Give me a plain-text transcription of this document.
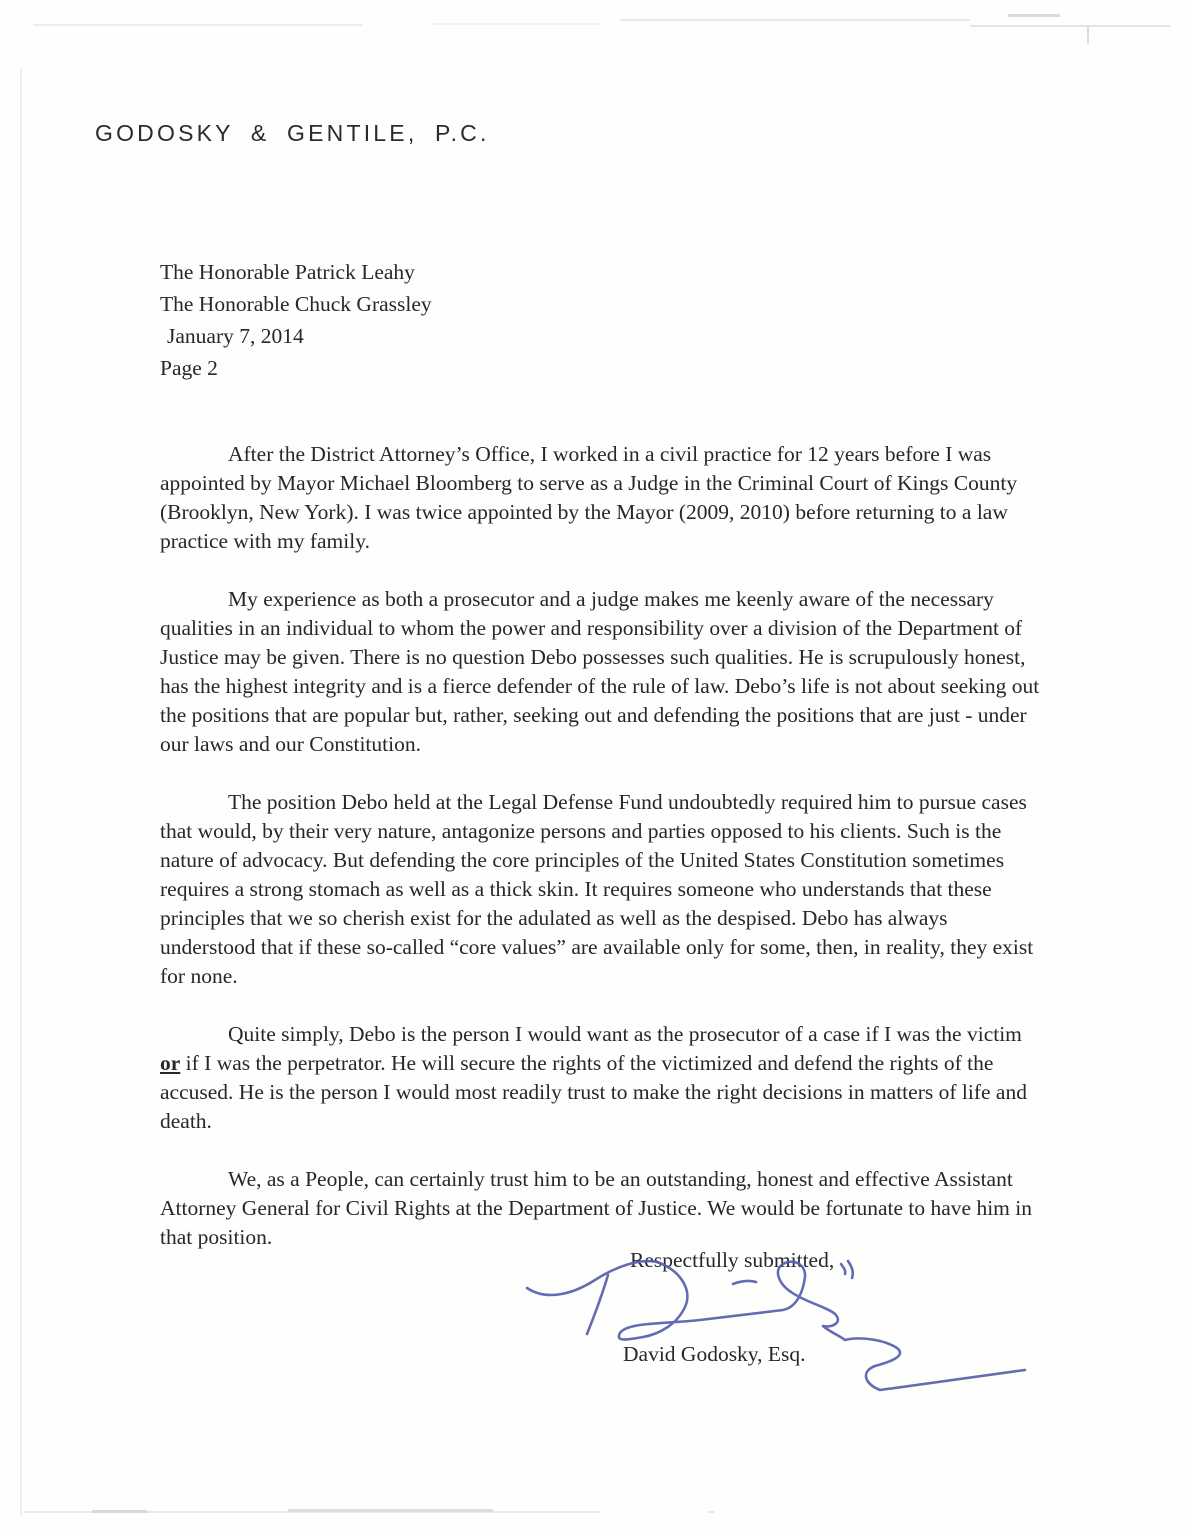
GODOSKY & GENTILE, P.C.
The Honorable Patrick Leahy
The Honorable Chuck Grassley
January 7, 2014
Page 2

After the District Attorney’s Office, I worked in a civil practice for 12 years before I was appointed by Mayor Michael Bloomberg to serve as a Judge in the Criminal Court of Kings County (Brooklyn, New York). I was twice appointed by the Mayor (2009, 2010) before returning to a law practice with my family.

My experience as both a prosecutor and a judge makes me keenly aware of the necessary qualities in an individual to whom the power and responsibility over a division of the Department of Justice may be given. There is no question Debo possesses such qualities. He is scrupulously honest, has the highest integrity and is a fierce defender of the rule of law. Debo’s life is not about seeking out the positions that are popular but, rather, seeking out and defending the positions that are just - under our laws and our Constitution.

The position Debo held at the Legal Defense Fund undoubtedly required him to pursue cases that would, by their very nature, antagonize persons and parties opposed to his clients. Such is the nature of advocacy. But defending the core principles of the United States Constitution sometimes requires a strong stomach as well as a thick skin. It requires someone who understands that these principles that we so cherish exist for the adulated as well as the despised. Debo has always understood that if these so-called “core values” are available only for some, then, in reality, they exist for none.

Quite simply, Debo is the person I would want as the prosecutor of a case if I was the victim or if I was the perpetrator. He will secure the rights of the victimized and defend the rights of the accused. He is the person I would most readily trust to make the right decisions in matters of life and death.

We, as a People, can certainly trust him to be an outstanding, honest and effective Assistant Attorney General for Civil Rights at the Department of Justice. We would be fortunate to have him in that position.

Respectfully submitted,
David Godosky, Esq.
